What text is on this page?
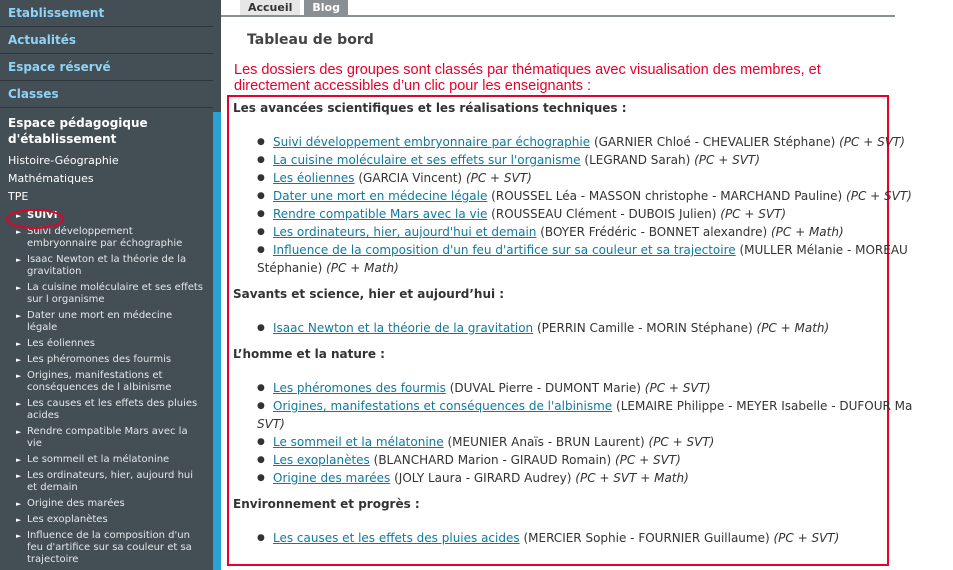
Etablissement
Actualités
Espace réservé
Classes
Espace pédagogique
d'établissement
Histoire-Géographie
Mathématiques
TPE
► SUIVI
► Suivi développement embryonnaire par échographie
► Isaac Newton et la théorie de la gravitation
► La cuisine moléculaire et ses effets sur l organisme
► Dater une mort en médecine légale
► Les éoliennes
► Les phéromones des fourmis
► Origines, manifestations et conséquences de l albinisme
► Les causes et les effets des pluies acides
► Rendre compatible Mars avec la vie
► Le sommeil et la mélatonine
► Les ordinateurs, hier, aujourd hui et demain
► Origine des marées
► Les exoplanètes
► Influence de la composition d'un feu d'artifice sur sa couleur et sa trajectoire
Accueil	Blog
Tableau de bord

Les dossiers des groupes sont classés par thématiques avec visualisation des membres, et directement accessibles d’un clic pour les enseignants :

Les avancées scientifiques et les réalisations techniques :
● Suivi développement embryonnaire par échographie (GARNIER Chloé - CHEVALIER Stéphane) (PC + SVT)
● La cuisine moléculaire et ses effets sur l'organisme (LEGRAND Sarah) (PC + SVT)
● Les éoliennes (GARCIA Vincent) (PC + SVT)
● Dater une mort en médecine légale (ROUSSEL Léa - MASSON christophe - MARCHAND Pauline) (PC + SVT)
● Rendre compatible Mars avec la vie (ROUSSEAU Clément - DUBOIS Julien) (PC + SVT)
● Les ordinateurs, hier, aujourd'hui et demain (BOYER Frédéric - BONNET alexandre) (PC + Math)
● Influence de la composition d'un feu d'artifice sur sa couleur et sa trajectoire (MULLER Mélanie - MOREAU
Stéphanie) (PC + Math)
Savants et science, hier et aujourd’hui :
● Isaac Newton et la théorie de la gravitation (PERRIN Camille - MORIN Stéphane) (PC + Math)
L’homme et la nature :
● Les phéromones des fourmis (DUVAL Pierre - DUMONT Marie) (PC + SVT)
● Origines, manifestations et conséquences de l'albinisme (LEMAIRE Philippe - MEYER Isabelle - DUFOUR Ma
SVT)
● Le sommeil et la mélatonine (MEUNIER Anaïs - BRUN Laurent) (PC + SVT)
● Les exoplanètes (BLANCHARD Marion - GIRAUD Romain) (PC + SVT)
● Origine des marées (JOLY Laura - GIRARD Audrey) (PC + SVT + Math)
Environnement et progrès :
● Les causes et les effets des pluies acides (MERCIER Sophie - FOURNIER Guillaume) (PC + SVT)
